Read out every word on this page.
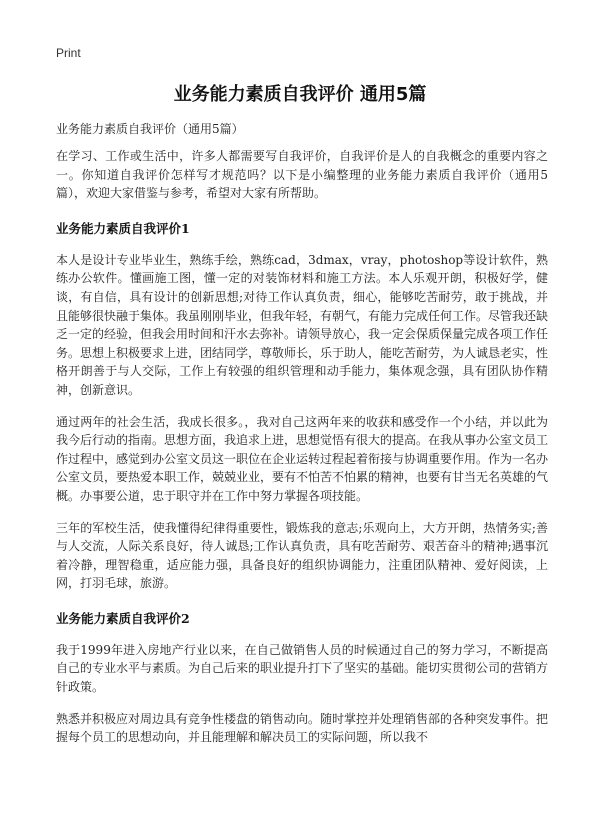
Print
业务能力素质自我评价 通用5篇
业务能力素质自我评价（通用5篇）

在学习、工作或生活中，许多人都需要写自我评价，自我评价是人的自我概念的重要内容之一。你知道自我评价怎样写才规范吗？以下是小编整理的业务能力素质自我评价（通用5篇），欢迎大家借鉴与参考，希望对大家有所帮助。

业务能力素质自我评价1

本人是设计专业毕业生，熟练手绘，熟练cad，3dmax，vray，photoshop等设计软件，熟练办公软件。懂画施工图，懂一定的对装饰材料和施工方法。本人乐观开朗，积极好学，健谈，有自信，具有设计的创新思想;对待工作认真负责，细心，能够吃苦耐劳，敢于挑战，并且能够很快融于集体。我虽刚刚毕业，但我年轻，有朝气，有能力完成任何工作。尽管我还缺乏一定的经验，但我会用时间和汗水去弥补。请领导放心，我一定会保质保量完成各项工作任务。思想上积极要求上进，团结同学，尊敬师长，乐于助人，能吃苦耐劳，为人诚恳老实，性格开朗善于与人交际，工作上有较强的组织管理和动手能力，集体观念强，具有团队协作精神，创新意识。

通过两年的社会生活，我成长很多。，我对自己这两年来的收获和感受作一个小结，并以此为我今后行动的指南。思想方面，我追求上进，思想觉悟有很大的提高。在我从事办公室文员工作过程中，感觉到办公室文员这一职位在企业运转过程起着衔接与协调重要作用。作为一名办公室文员，要热爱本职工作，兢兢业业，要有不怕苦不怕累的精神，也要有甘当无名英雄的气概。办事要公道，忠于职守并在工作中努力掌握各项技能。

三年的军校生活，使我懂得纪律得重要性，锻炼我的意志;乐观向上，大方开朗，热情务实;善与人交流，人际关系良好，待人诚恳;工作认真负责，具有吃苦耐劳、艰苦奋斗的精神;遇事沉着冷静，理智稳重，适应能力强，具备良好的组织协调能力，注重团队精神、爱好阅读，上网，打羽毛球，旅游。

业务能力素质自我评价2

我于1999年进入房地产行业以来，在自己做销售人员的时候通过自己的努力学习，不断提高自己的专业水平与素质。为自己后来的职业提升打下了坚实的基础。能切实贯彻公司的营销方针政策。

熟悉并积极应对周边具有竞争性楼盘的销售动向。随时掌控并处理销售部的各种突发事件。把握每个员工的思想动向，并且能理解和解决员工的实际问题，所以我不
